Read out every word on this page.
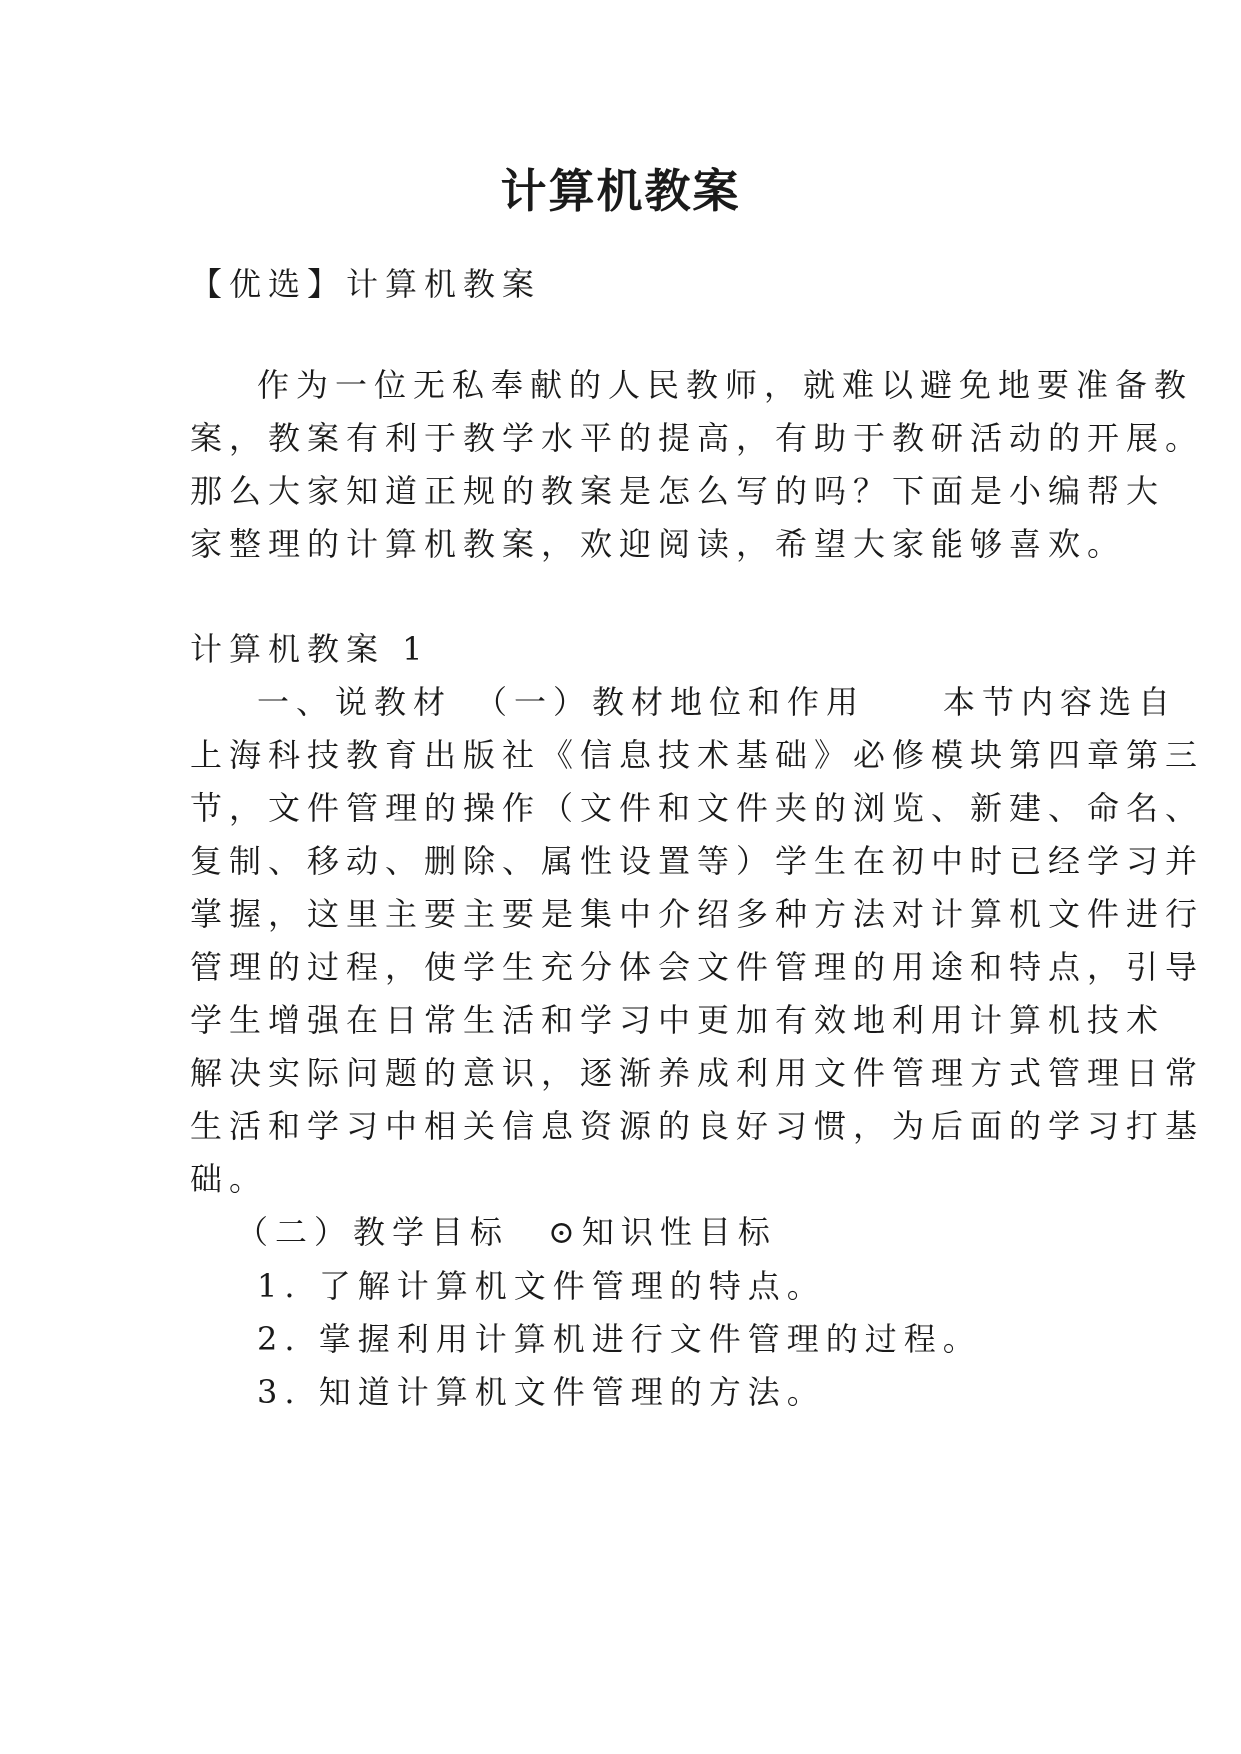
计算机教案
【优选】计算机教案
作为一位无私奉献的人民教师，就难以避免地要准备教
案，教案有利于教学水平的提高，有助于教研活动的开展。
那么大家知道正规的教案是怎么写的吗？下面是小编帮大
家整理的计算机教案，欢迎阅读，希望大家能够喜欢。
计算机教案 1
一、说教材　（一）教材地位和作用　　本节内容选自
上海科技教育出版社《信息技术基础》必修模块第四章第三
节，文件管理的操作（文件和文件夹的浏览、新建、命名、
复制、移动、删除、属性设置等）学生在初中时已经学习并
掌握，这里主要主要是集中介绍多种方法对计算机文件进行
管理的过程，使学生充分体会文件管理的用途和特点，引导
学生增强在日常生活和学习中更加有效地利用计算机技术
解决实际问题的意识，逐渐养成利用文件管理方式管理日常
生活和学习中相关信息资源的良好习惯，为后面的学习打基
础。
（二）教学目标　⊙知识性目标
1. 了解计算机文件管理的特点。
2. 掌握利用计算机进行文件管理的过程。
3. 知道计算机文件管理的方法。
